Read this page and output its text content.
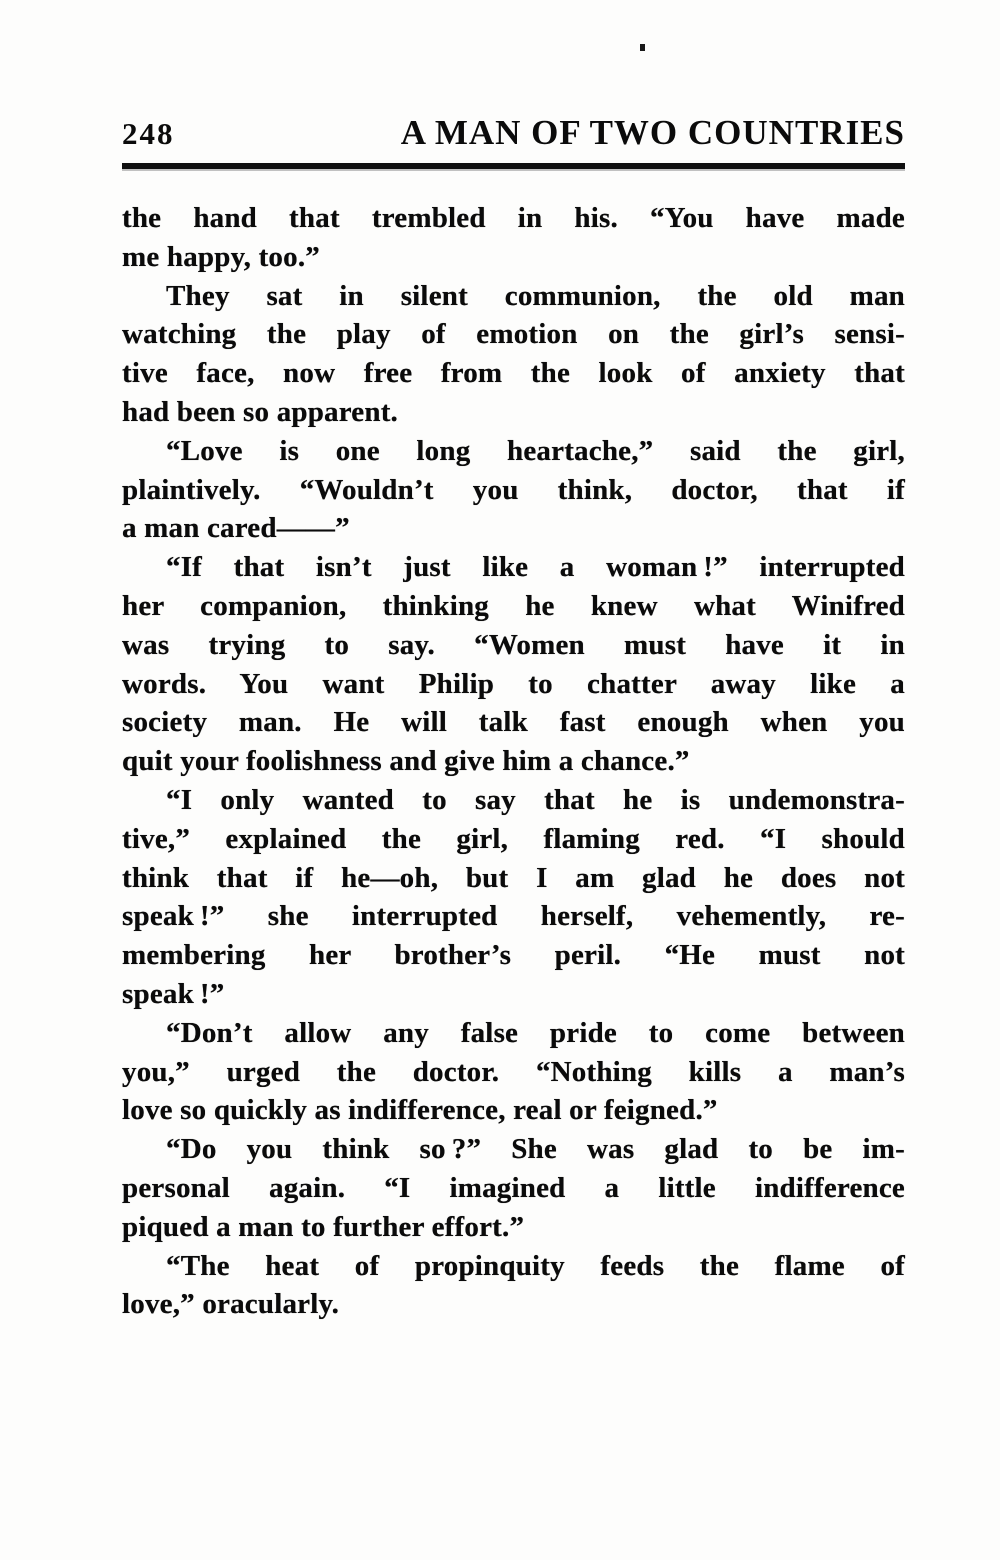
248	A MAN OF TWO COUNTRIES
the hand that trembled in his. “You have made
me happy, too.”
They sat in silent communion, the old man
watching the play of emotion on the girl’s sensi-
tive face, now free from the look of anxiety that
had been so apparent.
“Love is one long heartache,” said the girl,
plaintively. “Wouldn’t you think, doctor, that if
a man cared——”
“If that isn’t just like a woman !” interrupted
her companion, thinking he knew what Winifred
was trying to say. “Women must have it in
words. You want Philip to chatter away like a
society man. He will talk fast enough when you
quit your foolishness and give him a chance.”
“I only wanted to say that he is undemonstra-
tive,” explained the girl, flaming red. “I should
think that if he—oh, but I am glad he does not
speak !” she interrupted herself, vehemently, re-
membering her brother’s peril. “He must not
speak !”
“Don’t allow any false pride to come between
you,” urged the doctor. “Nothing kills a man’s
love so quickly as indifference, real or feigned.”
“Do you think so ?” She was glad to be im-
personal again. “I imagined a little indifference
piqued a man to further effort.”
“The heat of propinquity feeds the flame of
love,” oracularly.
